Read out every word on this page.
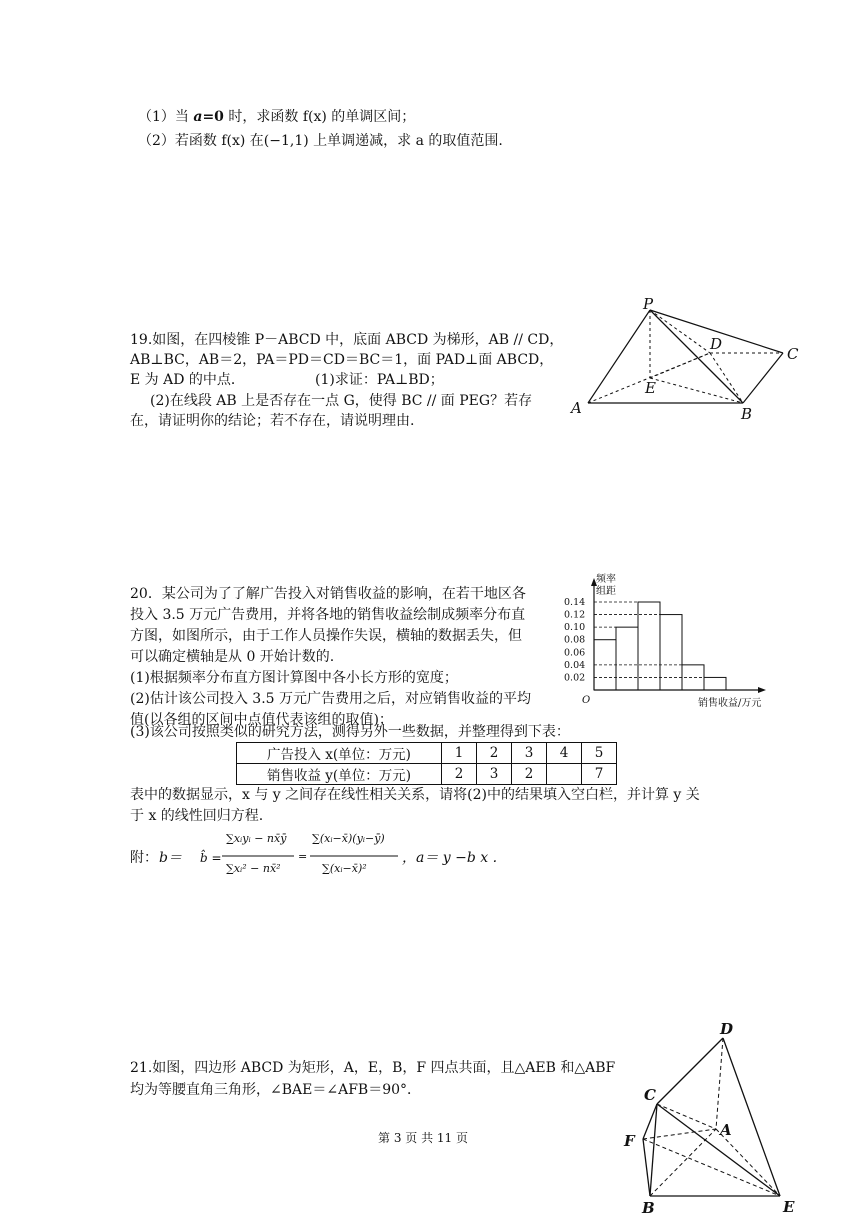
（1）当 a=0 时，求函数 f(x) 的单调区间；
（2）若函数 f(x) 在(−1,1) 上单调递减，求 a 的取值范围.
19.如图，在四棱锥 P－ABCD 中，底面 ABCD 为梯形，AB // CD，
AB⊥BC，AB＝2，PA＝PD＝CD＝BC＝1，面 PAD⊥面 ABCD，
E 为 AD 的中点．	(1)求证：PA⊥BD；
(2)在线段 AB 上是否存在一点 G，使得 BC // 面 PEG？若存
在，请证明你的结论；若不存在，请说明理由.
P
D
C
E
A	B
20．某公司为了了解广告投入对销售收益的影响，在若干地区各
投入 3.5 万元广告费用，并将各地的销售收益绘制成频率分布直
方图，如图所示，由于工作人员操作失误，横轴的数据丢失，但
可以确定横轴是从 0 开始计数的.
(1)根据频率分布直方图计算图中各小长方形的宽度；
(2)估计该公司投入 3.5 万元广告费用之后，对应销售收益的平均
值(以各组的区间中点值代表该组的取值)；
(3)该公司按照类似的研究方法，测得另外一些数据，并整理得到下表：
频率
组距
0.14
0.12
0.10
0.08
0.06
0.04
0.02
O	销售收益/万元
广告投入 x(单位：万元)	1	2	3	4	5
销售收益 y(单位：万元)	2	3	2		7
表中的数据显示，x 与 y 之间存在线性相关关系，请将(2)中的结果填入空白栏，并计算 y 关
于 x 的线性回归方程.
附： b＝ b̂ =
∑xᵢyᵢ − nx̄ȳ
∑xᵢ² − nx̄²
=
∑(xᵢ−x̄)(yᵢ−ȳ)
∑(xᵢ−x̄)²
，a＝ y −b x .
21.如图，四边形 ABCD 为矩形，A，E，B，F 四点共面，且△AEB 和△ABF
均为等腰直角三角形，∠BAE＝∠AFB＝90°．
第 3 页 共 11 页
D
C
A
F
B	E
